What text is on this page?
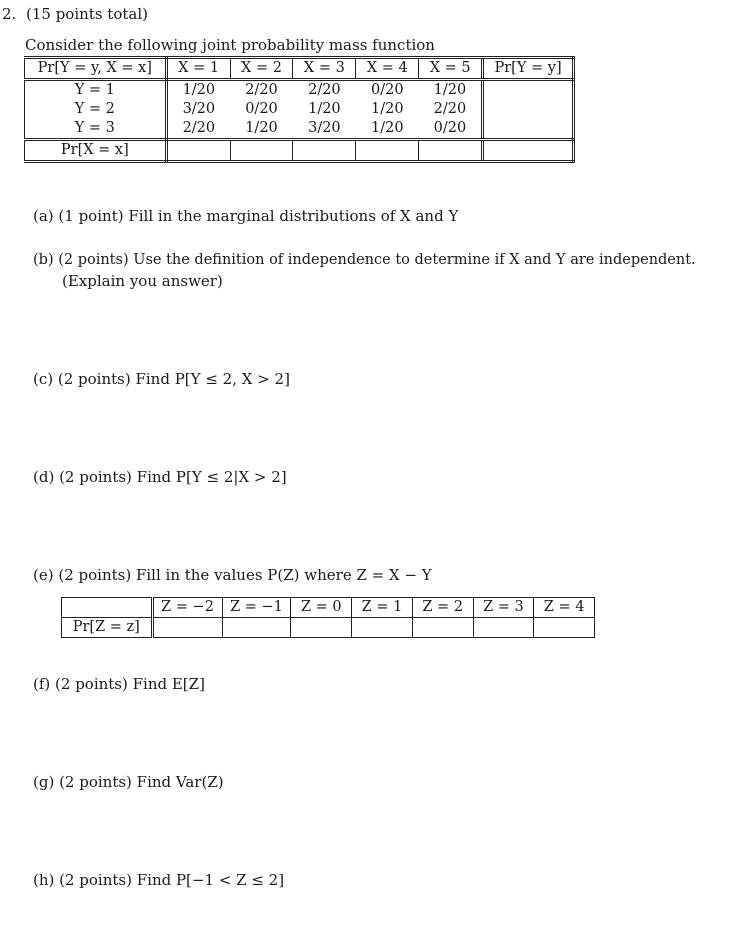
2. (15 points total)
Consider the following joint probability mass function
Pr[Y = y, X = x]	X = 1	X = 2	X = 3	X = 4	X = 5	Pr[Y = y]
Y = 1	1/20	2/20	2/20	0/20	1/20	
Y = 2	3/20	0/20	1/20	1/20	2/20	
Y = 3	2/20	1/20	3/20	1/20	0/20	
Pr[X = x]						
(a) (1 point) Fill in the marginal distributions of X and Y
(b) (2 points) Use the definition of independence to determine if X and Y are independent.
(Explain you answer)
(c) (2 points) Find P[Y ≤ 2, X > 2]
(d) (2 points) Find P[Y ≤ 2|X > 2]
(e) (2 points) Fill in the values P(Z) where Z = X − Y
	Z = −2	Z = −1	Z = 0	Z = 1	Z = 2	Z = 3	Z = 4
Pr[Z = z]							
(f) (2 points) Find E[Z]
(g) (2 points) Find Var(Z)
(h) (2 points) Find P[−1 < Z ≤ 2]
